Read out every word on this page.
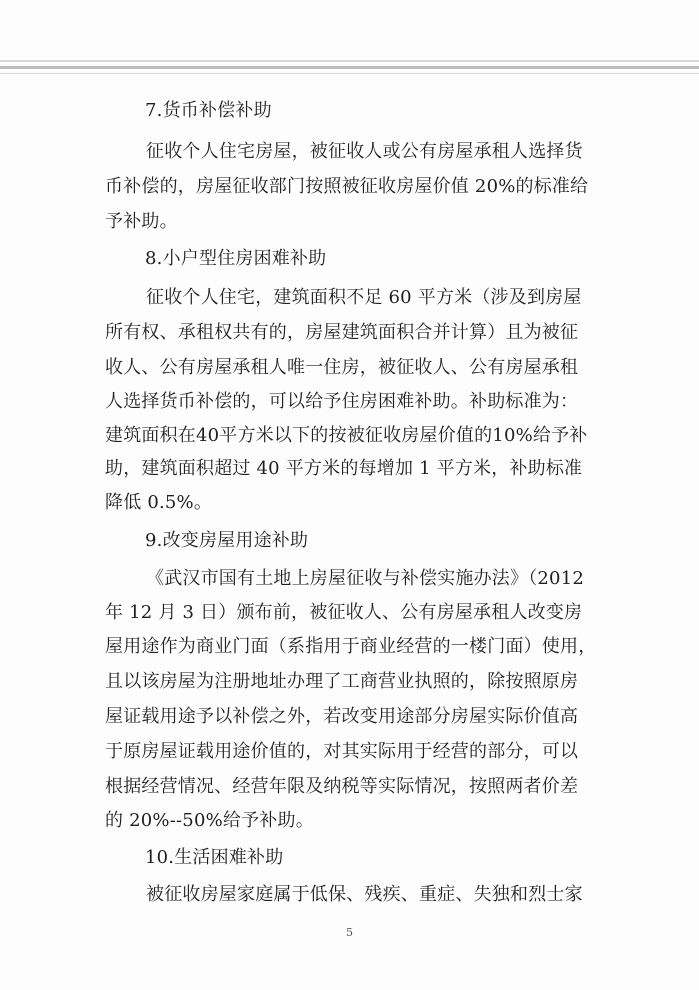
7.货币补偿补助
征收个人住宅房屋，被征收人或公有房屋承租人选择货
币补偿的，房屋征收部门按照被征收房屋价值 20%的标准给
予补助。
8.小户型住房困难补助
征收个人住宅，建筑面积不足 60 平方米（涉及到房屋
所有权、承租权共有的，房屋建筑面积合并计算）且为被征
收人、公有房屋承租人唯一住房，被征收人、公有房屋承租
人选择货币补偿的，可以给予住房困难补助。补助标准为：
建筑面积在40平方米以下的按被征收房屋价值的10%给予补
助，建筑面积超过 40 平方米的每增加 1 平方米，补助标准
降低 0.5%。
9.改变房屋用途补助
《武汉市国有土地上房屋征收与补偿实施办法》（2012
年 12 月 3 日）颁布前，被征收人、公有房屋承租人改变房
屋用途作为商业门面（系指用于商业经营的一楼门面）使用，
且以该房屋为注册地址办理了工商营业执照的，除按照原房
屋证载用途予以补偿之外，若改变用途部分房屋实际价值高
于原房屋证载用途价值的，对其实际用于经营的部分，可以
根据经营情况、经营年限及纳税等实际情况，按照两者价差
的 20%--50%给予补助。
10.生活困难补助
被征收房屋家庭属于低保、残疾、重症、失独和烈士家
5
